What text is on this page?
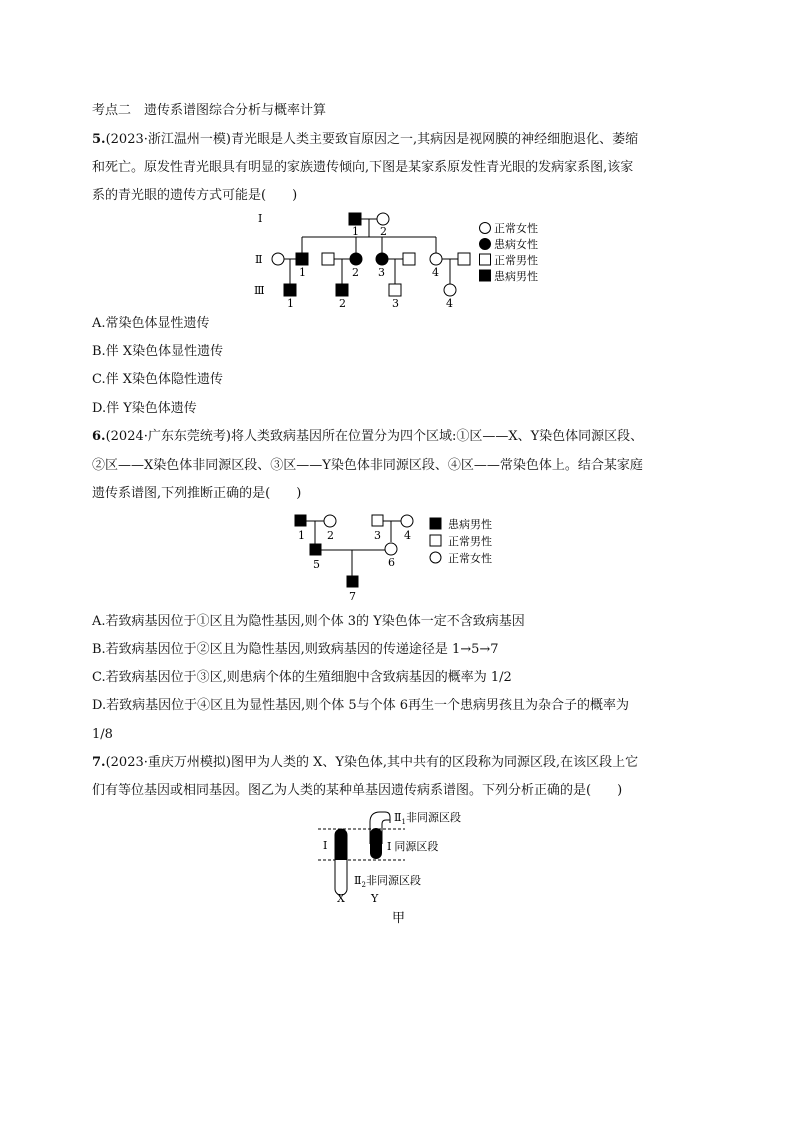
考点二　遗传系谱图综合分析与概率计算
5.(2023·浙江温州一模)青光眼是人类主要致盲原因之一,其病因是视网膜的神经细胞退化、萎缩
和死亡。原发性青光眼具有明显的家族遗传倾向,下图是某家系原发性青光眼的发病家系图,该家
系的青光眼的遗传方式可能是(　　)
Ⅰ
Ⅱ
Ⅲ
1 2
1	2 3	4
1	2	3	4
正常女性
患病女性
正常男性
患病男性
A.常染色体显性遗传
B.伴 X染色体显性遗传
C.伴 X染色体隐性遗传
D.伴 Y染色体遗传
6.(2024·广东东莞统考)将人类致病基因所在位置分为四个区域:①区——X、Y染色体同源区段、
②区——X染色体非同源区段、③区——Y染色体非同源区段、④区——常染色体上。结合某家庭
遗传系谱图,下列推断正确的是(　　)
1 2	3 4
5	6
7
患病男性
正常男性
正常女性
A.若致病基因位于①区且为隐性基因,则个体 3的 Y染色体一定不含致病基因
B.若致病基因位于②区且为隐性基因,则致病基因的传递途径是 1→5→7
C.若致病基因位于③区,则患病个体的生殖细胞中含致病基因的概率为 1/2
D.若致病基因位于④区且为显性基因,则个体 5与个体 6再生一个患病男孩且为杂合子的概率为
1/8
7.(2023·重庆万州模拟)图甲为人类的 X、Y染色体,其中共有的区段称为同源区段,在该区段上它
们有等位基因或相同基因。图乙为人类的某种单基因遗传病系谱图。下列分析正确的是(　　)
Ⅰ
$Ⅱ_1$非同源区段
Ⅰ 同源区段
$Ⅱ_2$非同源区段
X Y
甲
